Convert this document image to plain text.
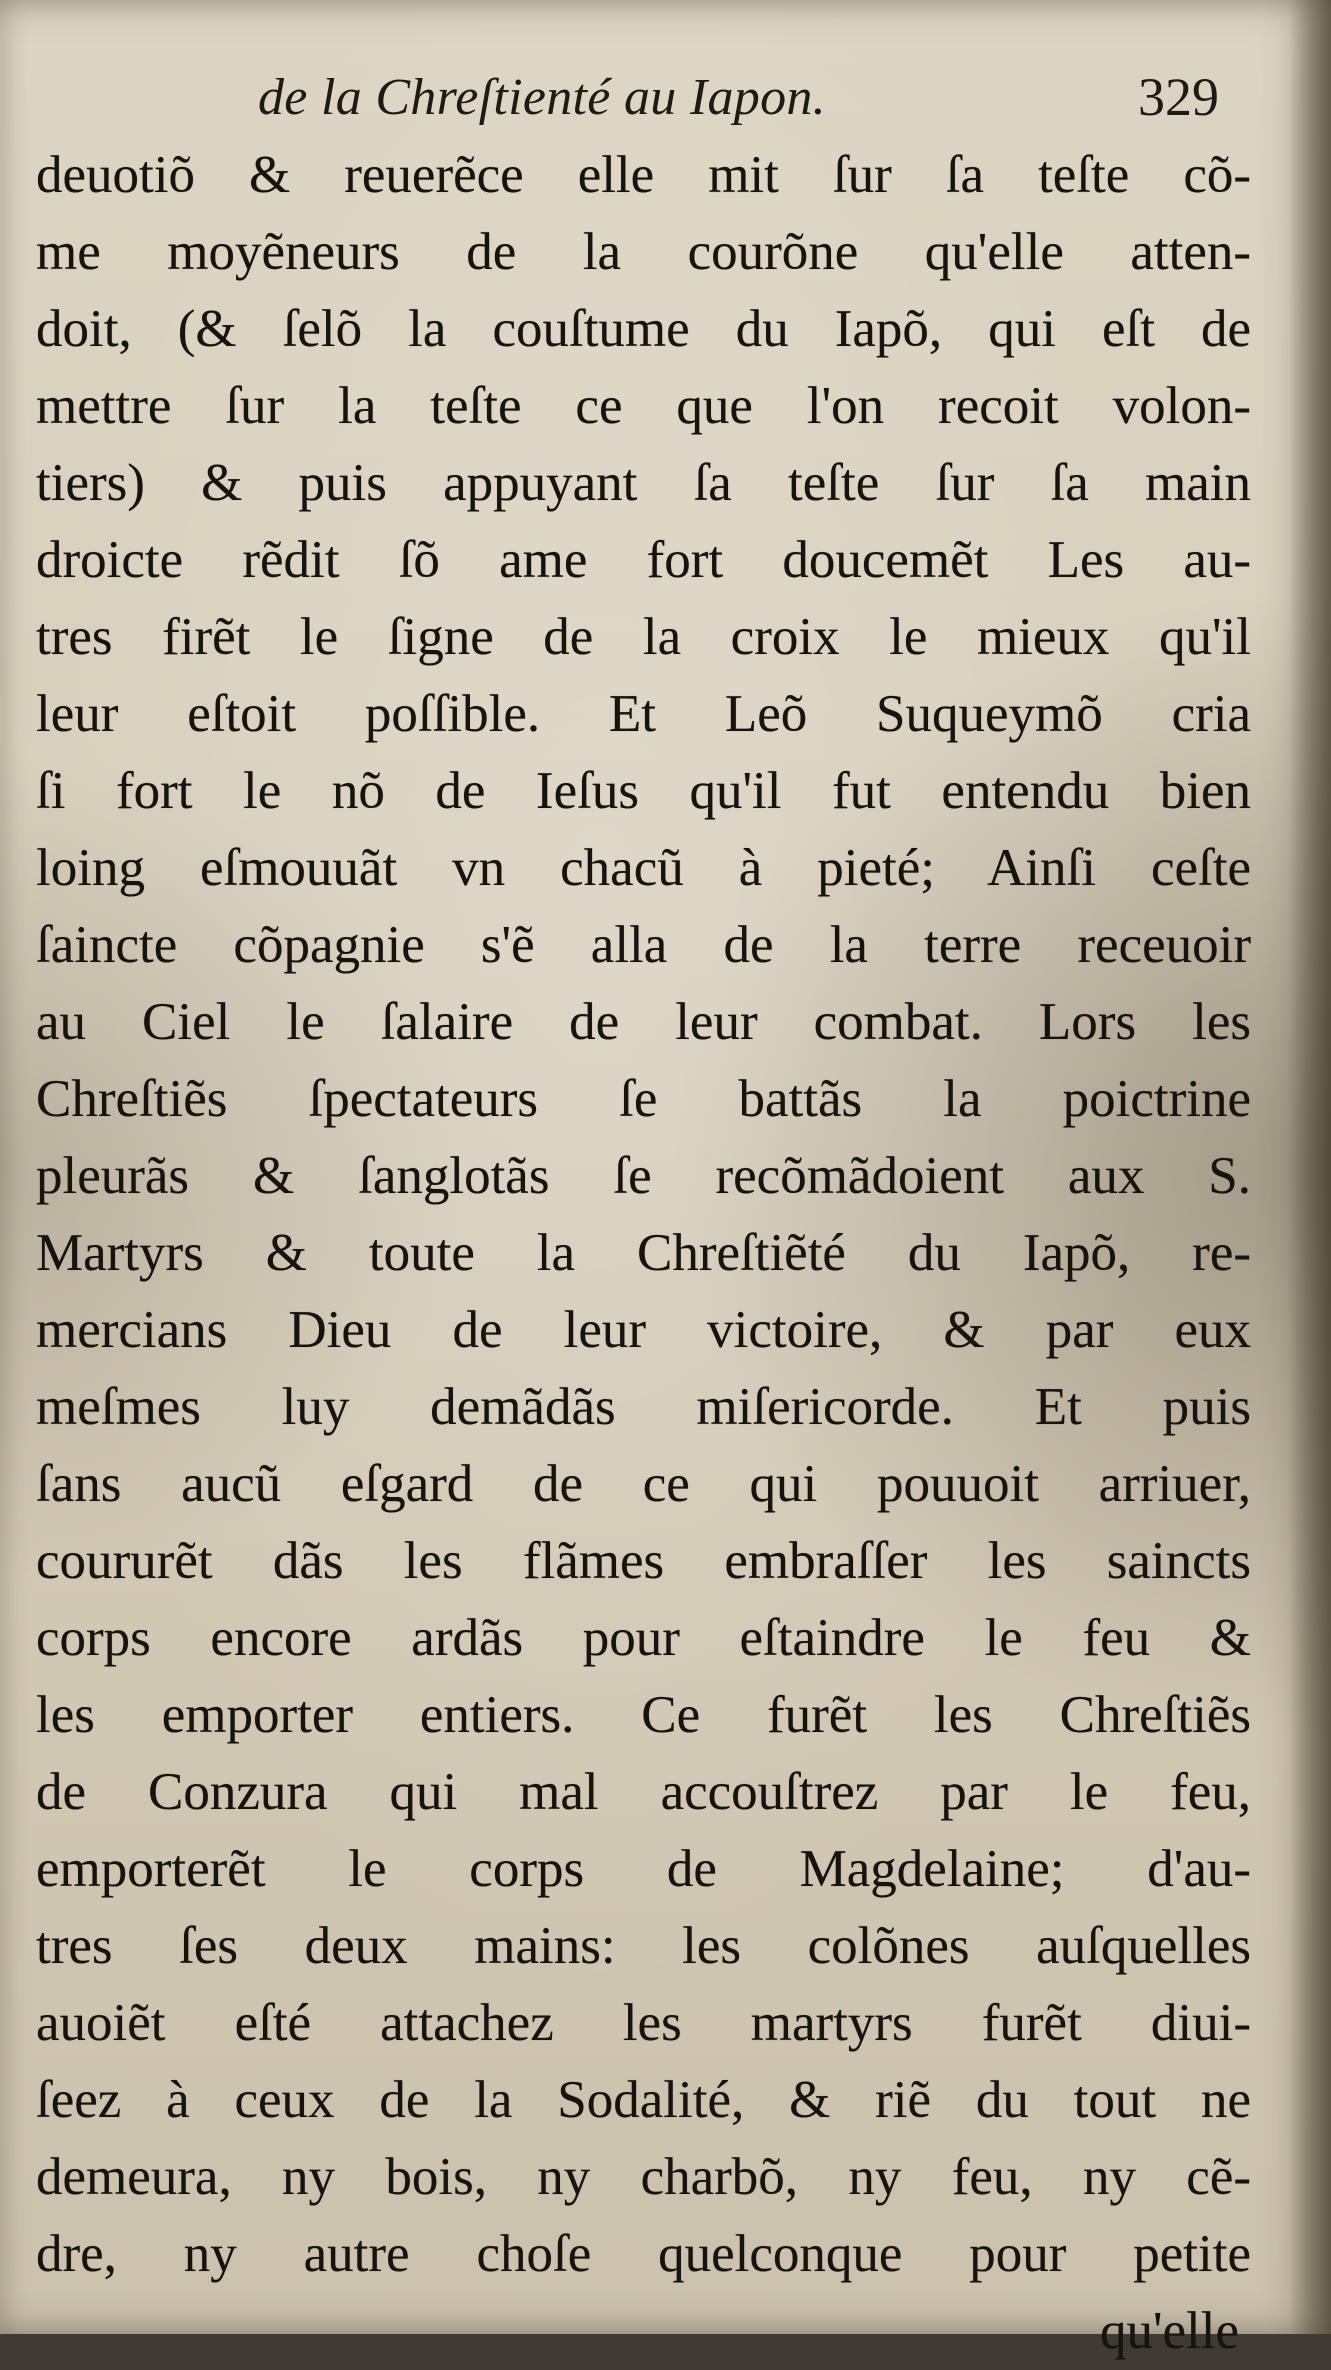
de la Chreſtienté au Iapon.	329
deuotiõ & reuerẽce elle mit ſur ſa teſte cõ-
me moyẽneurs de la courõne qu'elle atten-
doit, (& ſelõ la couſtume du Iapõ, qui eſt de
mettre ſur la teſte ce que l'on recoit volon-
tiers) & puis appuyant ſa teſte ſur ſa main
droicte rẽdit ſõ ame fort doucemẽt Les au-
tres firẽt le ſigne de la croix le mieux qu'il
leur eſtoit poſſible. Et Leõ Suqueymõ cria
ſi fort le nõ de Ieſus qu'il fut entendu bien
loing eſmouuãt vn chacũ à pieté; Ainſi ceſte
ſaincte cõpagnie s'ẽ alla de la terre receuoir
au Ciel le ſalaire de leur combat. Lors les
Chreſtiẽs ſpectateurs ſe battãs la poictrine
pleurãs & ſanglotãs ſe recõmãdoient aux S.
Martyrs & toute la Chreſtiẽté du Iapõ, re-
mercians Dieu de leur victoire, & par eux
meſmes luy demãdãs miſericorde. Et puis
ſans aucũ eſgard de ce qui pouuoit arriuer,
coururẽt dãs les flãmes embraſſer les saincts
corps encore ardãs pour eſtaindre le feu &
les emporter entiers. Ce furẽt les Chreſtiẽs
de Conzura qui mal accouſtrez par le feu,
emporterẽt le corps de Magdelaine; d'au-
tres ſes deux mains: les colõnes auſquelles
auoiẽt eſté attachez les martyrs furẽt diui-
ſeez à ceux de la Sodalité, & riẽ du tout ne
demeura, ny bois, ny charbõ, ny feu, ny cẽ-
dre, ny autre choſe quelconque pour petite
qu'elle
